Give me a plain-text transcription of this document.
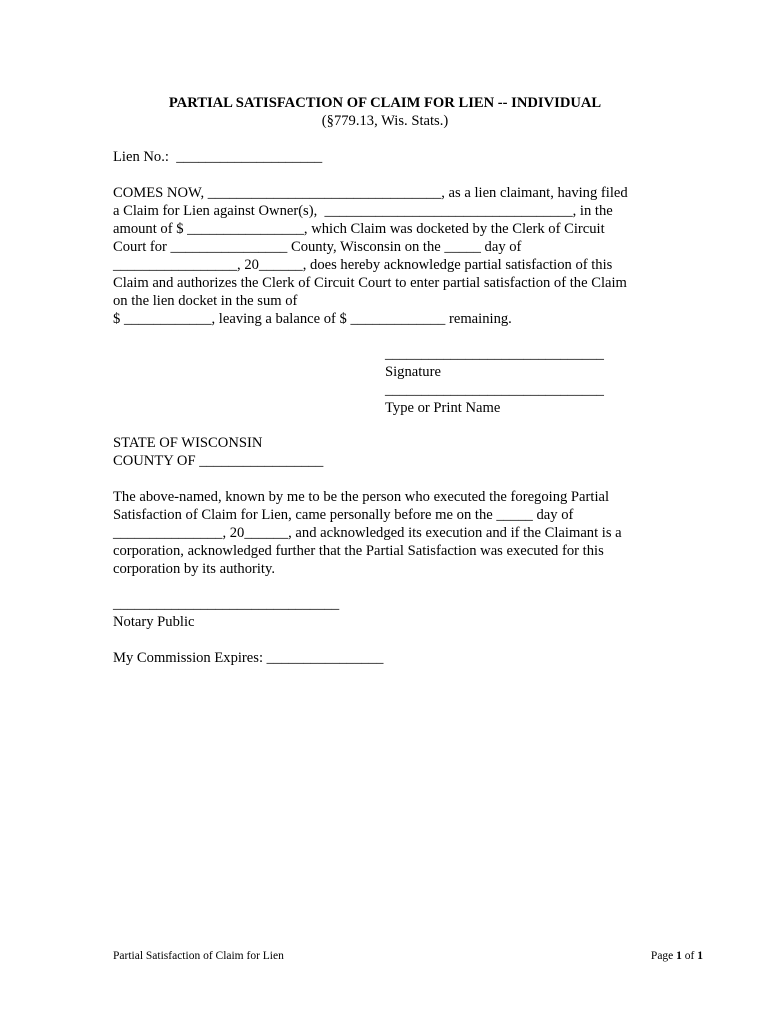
PARTIAL SATISFACTION OF CLAIM FOR LIEN -- INDIVIDUAL
(§779.13, Wis. Stats.)
Lien No.:  ____________________
COMES NOW, ________________________________, as a lien claimant, having filed
a Claim for Lien against Owner(s),  __________________________________, in the
amount of $ ________________, which Claim was docketed by the Clerk of Circuit
Court for ________________ County, Wisconsin on the _____ day of
_________________, 20______, does hereby acknowledge partial satisfaction of this
Claim and authorizes the Clerk of Circuit Court to enter partial satisfaction of the Claim
on the lien docket in the sum of
$ ____________, leaving a balance of $ _____________ remaining.
______________________________
Signature
______________________________
Type or Print Name
STATE OF WISCONSIN
COUNTY OF _________________
The above-named, known by me to be the person who executed the foregoing Partial
Satisfaction of Claim for Lien, came personally before me on the _____ day of
_______________, 20______, and acknowledged its execution and if the Claimant is a
corporation, acknowledged further that the Partial Satisfaction was executed for this
corporation by its authority.
_______________________________
Notary Public
My Commission Expires: ________________
Partial Satisfaction of Claim for Lien	Page 1 of 1
